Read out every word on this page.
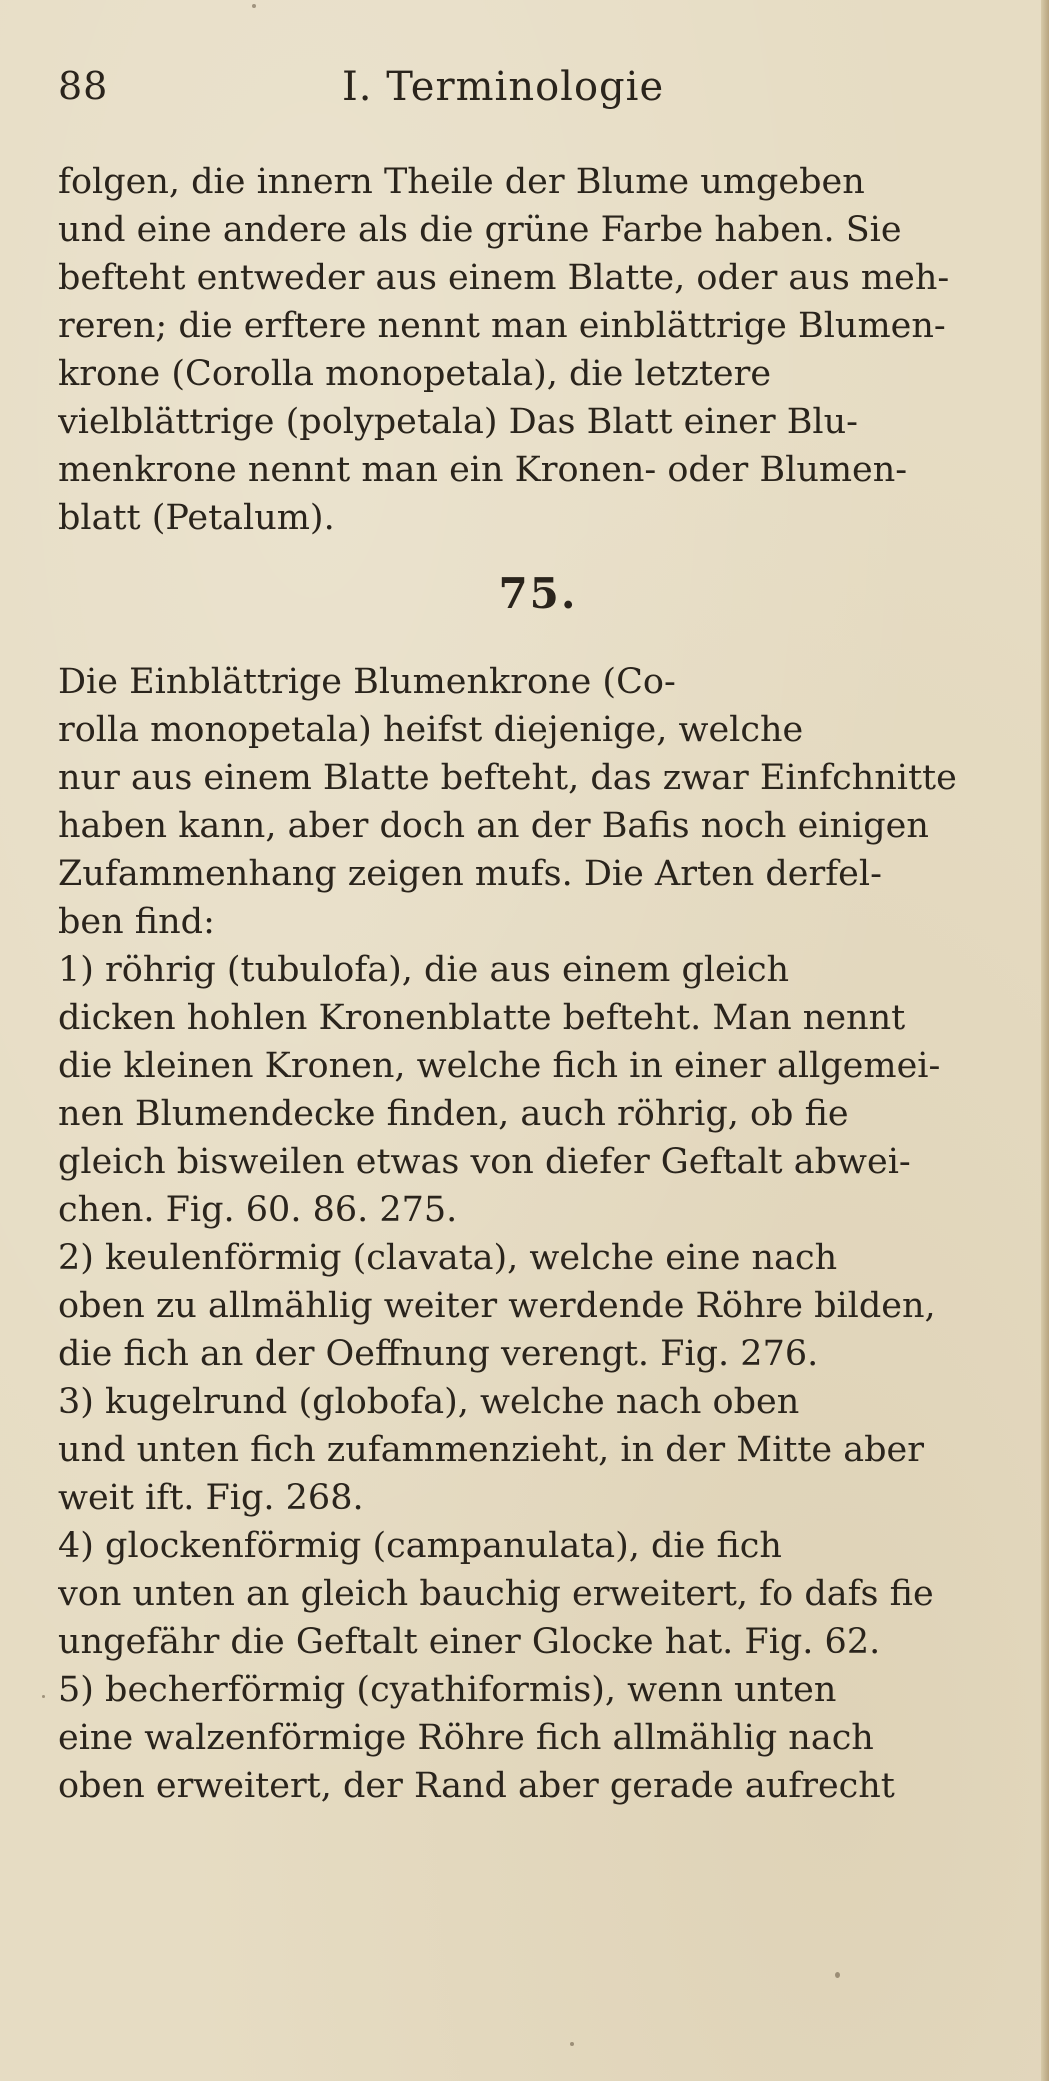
88	I. Terminologie
folgen, die innern Theile der Blume umgeben
und eine andere als die grüne Farbe haben. Sie
befteht entweder aus einem Blatte, oder aus meh-
reren; die erftere nennt man einblättrige Blumen-
krone (Corolla monopetala), die letztere
vielblättrige (polypetala) Das Blatt einer Blu-
menkrone nennt man ein Kronen- oder Blumen-
blatt (Petalum).
75.
Die Einblättrige Blumenkrone (Co-
rolla monopetala) heifst diejenige, welche
nur aus einem Blatte befteht, das zwar Einfchnitte
haben kann, aber doch an der Bafis noch einigen
Zufammenhang zeigen mufs. Die Arten derfel-
ben find:
1) röhrig (tubulofa), die aus einem gleich
dicken hohlen Kronenblatte befteht. Man nennt
die kleinen Kronen, welche fich in einer allgemei-
nen Blumendecke finden, auch röhrig, ob fie
gleich bisweilen etwas von diefer Geftalt abwei-
chen. Fig. 60. 86. 275.
2) keulenförmig (clavata), welche eine nach
oben zu allmählig weiter werdende Röhre bilden,
die fich an der Oeffnung verengt. Fig. 276.
3) kugelrund (globofa), welche nach oben
und unten fich zufammenzieht, in der Mitte aber
weit ift. Fig. 268.
4) glockenförmig (campanulata), die fich
von unten an gleich bauchig erweitert, fo dafs fie
ungefähr die Geftalt einer Glocke hat. Fig. 62.
5) becherförmig (cyathiformis), wenn unten
eine walzenförmige Röhre fich allmählig nach
oben erweitert, der Rand aber gerade aufrecht
